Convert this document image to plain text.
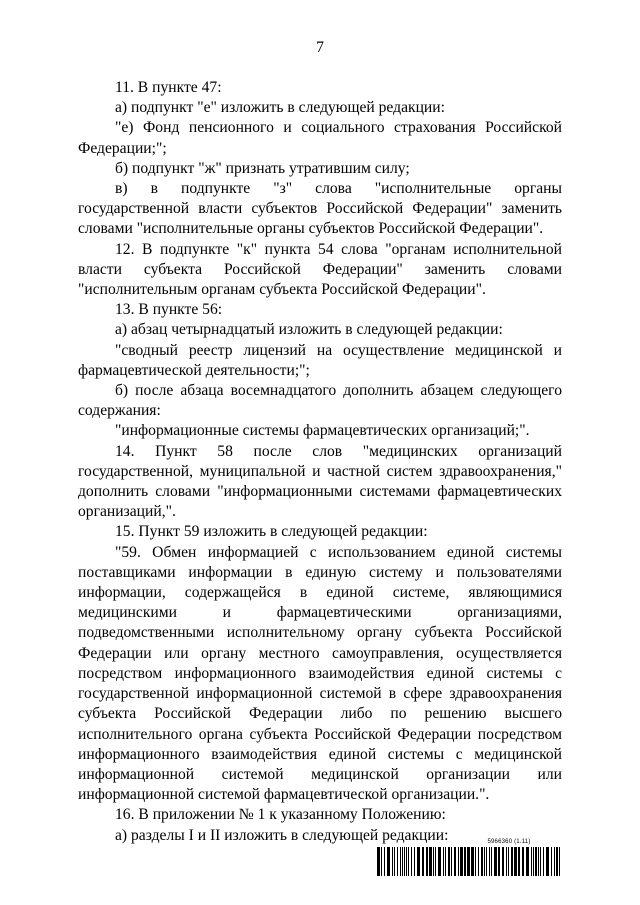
7

11. В пункте 47:

а) подпункт "е" изложить в следующей редакции:

"е) Фонд пенсионного и социального страхования Российской Федерации;";

б) подпункт "ж" признать утратившим силу;

в) в подпункте "з" слова "исполнительные органы государственной власти субъектов Российской Федерации" заменить словами "исполнительные органы субъектов Российской Федерации".

12. В подпункте "к" пункта 54 слова "органам исполнительной власти субъекта Российской Федерации" заменить словами "исполнительным органам субъекта Российской Федерации".

13. В пункте 56:

а) абзац четырнадцатый изложить в следующей редакции:

"сводный реестр лицензий на осуществление медицинской и фармацевтической деятельности;";

б) после абзаца восемнадцатого дополнить абзацем следующего содержания:

"информационные системы фармацевтических организаций;".

14. Пункт 58 после слов "медицинских организаций государственной, муниципальной и частной систем здравоохранения," дополнить словами "информационными системами фармацевтических организаций,".

15. Пункт 59 изложить в следующей редакции:

"59. Обмен информацией с использованием единой системы поставщиками информации в единую систему и пользователями информации, содержащейся в единой системе, являющимися медицинскими и фармацевтическими организациями, подведомственными исполнительному органу субъекта Российской Федерации или органу местного самоуправления, осуществляется посредством информационного взаимодействия единой системы с государственной информационной системой в сфере здравоохранения субъекта Российской Федерации либо по решению высшего исполнительного органа субъекта Российской Федерации посредством информационного взаимодействия единой системы с медицинской информационной системой медицинской организации или информационной системой фармацевтической организации.".

16. В приложении № 1 к указанному Положению:

а) разделы I и II изложить в следующей редакции:	5966360 (1.11)
